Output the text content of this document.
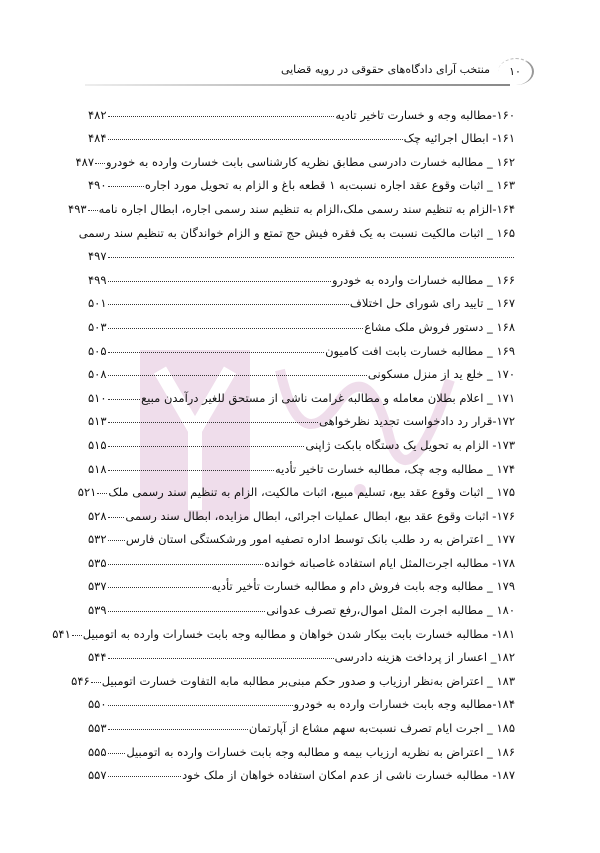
منتخب آرای دادگاه‌های حقوقی در رویه قضایی	۱۰
۱۶۰-مطالبه وجه و خسارت تاخیر تادیه
۴۸۲
۱۶۱- ابطال اجرائیه چک
۴۸۴
۱۶۲ _ مطالبه خسارت دادرسی مطابق نظریه کارشناسی بابت خسارت وارده به خودرو
۴۸۷
۱۶۳ _ اثبات وقوع عقد اجاره نسبت‌به ۱ قطعه باغ و الزام به تحویل مورد اجاره
۴۹۰
۱۶۴-الزام به تنظیم سند رسمی ملک،الزام به تنظیم سند رسمی اجاره، ابطال اجاره نامه
۴۹۳
۱۶۵ _ اثبات مالکیت نسبت به یک فقره فیش حج تمتع و الزام خواندگان به تنظیم سند رسمی
۴۹۷
۱۶۶ _ مطالبه خسارات وارده به خودرو
۴۹۹
۱۶۷ _ تایید رای شورای حل اختلاف
۵۰۱
۱۶۸ _ دستور فروش ملک مشاع
۵۰۳
۱۶۹ _ مطالبه خسارت بابت افت کامیون
۵۰۵
۱۷۰ _ خلع ید از منزل مسکونی
۵۰۸
۱۷۱ _ اعلام بطلان معامله و مطالبه غرامت ناشی از مستحق للغیر درآمدن مبیع
۵۱۰
۱۷۲-قرار رد دادخواست تجدید نظرخواهی
۵۱۳
۱۷۳- الزام به تحویل یک دستگاه بابکت ژاپنی
۵۱۵
۱۷۴ _ مطالبه وجه چک، مطالبه خسارت تاخیر تأدیه
۵۱۸
۱۷۵ _ اثبات وقوع عقد بیع، تسلیم مبیع، اثبات مالکیت، الزام به تنظیم سند رسمی ملک
۵۲۱
۱۷۶- اثبات وقوع عقد بیع، ابطال عملیات اجرائی، ابطال مزایده، ابطال سند رسمی
۵۲۸
۱۷۷ _ اعتراض به رد طلب بانک توسط اداره تصفیه امور ورشکستگی استان فارس
۵۳۲
۱۷۸- مطالبه اجرت‌المثل ایام استفاده غاصبانه خوانده
۵۳۵
۱۷۹ _ مطالبه وجه بابت فروش دام و مطالبه خسارت تأخیر تأدیه
۵۳۷
۱۸۰ _ مطالبه اجرت المثل اموال،رفع تصرف عدوانی
۵۳۹
۱۸۱- مطالبه خسارت بابت بیکار شدن خواهان و مطالبه وجه بابت خسارات وارده به اتومبیل
۵۴۱
۱۸۲_ اعسار از پرداخت هزینه دادرسی
۵۴۴
۱۸۳ _ اعتراض به‌نظر ارزیاب و صدور حکم مبنی‌بر مطالبه مابه التفاوت خسارت اتومبیل
۵۴۶
۱۸۴-مطالبه وجه بابت خسارات وارده به خودرو
۵۵۰
۱۸۵ _ اجرت ایام تصرف نسبت‌به سهم مشاع از آپارتمان
۵۵۳
۱۸۶ _ اعتراض به نظریه ارزیاب بیمه و مطالبه وجه بابت خسارات وارده به اتومبیل
۵۵۵
۱۸۷- مطالبه خسارت ناشی از عدم امکان استفاده خواهان از ملک خود
۵۵۷
